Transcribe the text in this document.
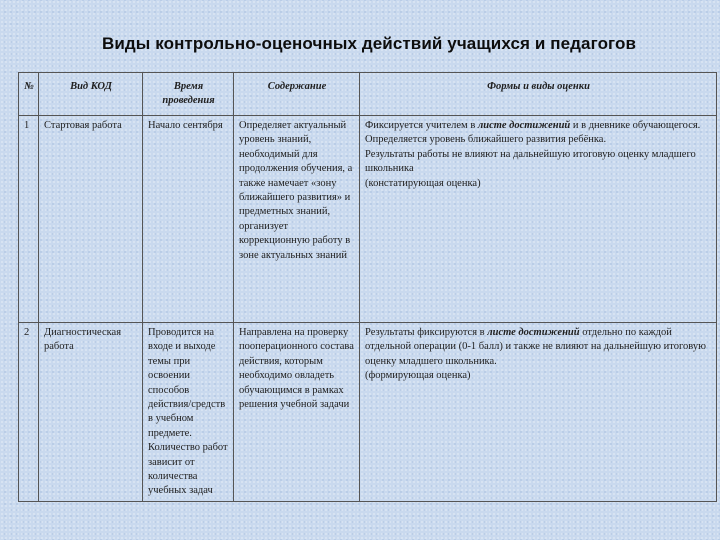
Виды контрольно-оценочных действий учащихся и педагогов
№	Вид КОД	Время проведения	Содержание	Формы и виды оценки
1	Стартовая работа	Начало сентября	Определяет актуальный уровень знаний, необходимый для продолжения обучения, а также намечает «зону ближайшего развития» и предметных знаний, организует коррекционную работу в зоне актуальных знаний	Фиксируется учителем в листе достижений и в дневнике обучающегося. Определяется уровень ближайшего развития ребёнка.
Результаты работы не влияют на дальнейшую итоговую оценку младшего школьника
(констатирующая оценка)
2	Диагностическая работа	Проводится на входе и выходе темы при освоении способов действия/средств в учебном предмете. Количество работ зависит от количества учебных задач	Направлена на проверку пооперационного состава действия, которым необходимо овладеть обучающимся в рамках решения учебной задачи	Результаты фиксируются в листе достижений отдельно по каждой отдельной операции (0-1 балл) и также не влияют на дальнейшую итоговую оценку младшего школьника.
(формирующая оценка)
